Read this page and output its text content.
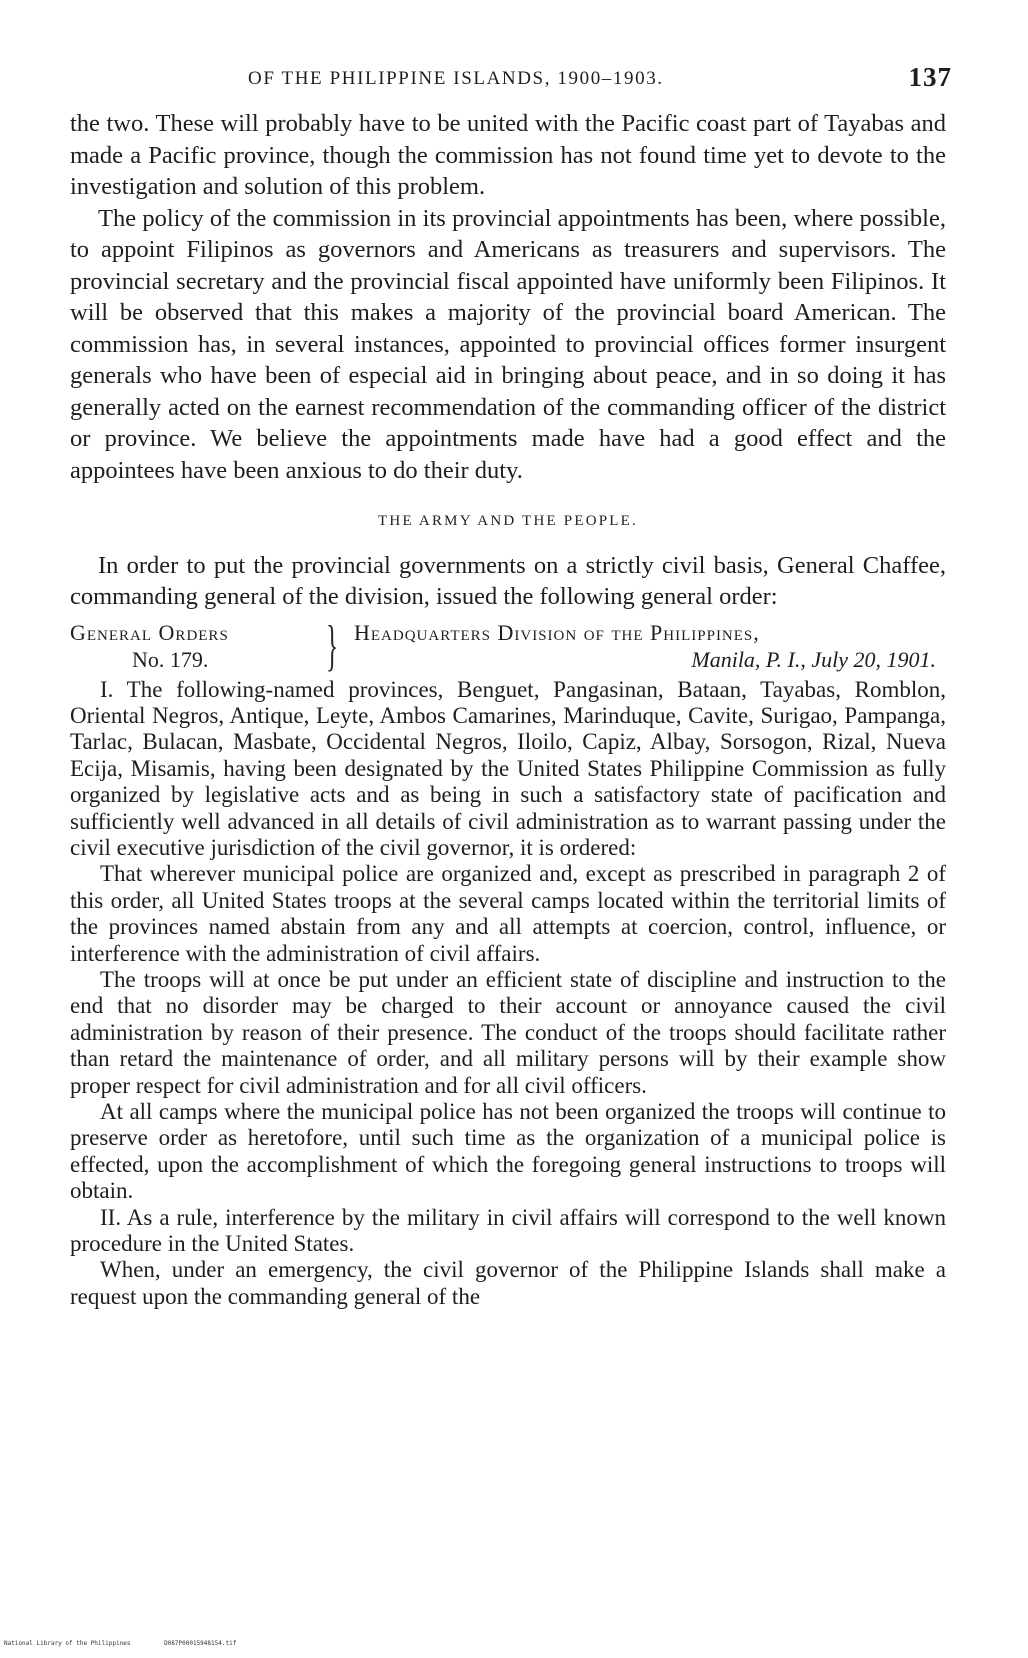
OF THE PHILIPPINE ISLANDS, 1900–1903.	137

the two. These will probably have to be united with the Pacific coast part of Tayabas and made a Pacific province, though the commission has not found time yet to devote to the investigation and solution of this problem.

The policy of the commission in its provincial appointments has been, where possible, to appoint Filipinos as governors and Americans as treasurers and supervisors. The provincial secretary and the provincial fiscal appointed have uniformly been Filipinos. It will be observed that this makes a majority of the provincial board American. The commission has, in several instances, appointed to provincial offices former insurgent generals who have been of especial aid in bringing about peace, and in so doing it has generally acted on the earnest recommendation of the commanding officer of the district or province. We believe the appointments made have had a good effect and the appointees have been anxious to do their duty.

THE ARMY AND THE PEOPLE.

In order to put the provincial governments on a strictly civil basis, General Chaffee, commanding general of the division, issued the following general order:

General Orders
No. 179.	} Headquarters Division of the Philippines,
Manila, P. I., July 20, 1901.

I. The following-named provinces, Benguet, Pangasinan, Bataan, Tayabas, Romblon, Oriental Negros, Antique, Leyte, Ambos Camarines, Marinduque, Cavite, Surigao, Pampanga, Tarlac, Bulacan, Masbate, Occidental Negros, Iloilo, Capiz, Albay, Sorsogon, Rizal, Nueva Ecija, Misamis, having been designated by the United States Philippine Commission as fully organized by legislative acts and as being in such a satisfactory state of pacification and sufficiently well advanced in all details of civil administration as to warrant passing under the civil executive jurisdiction of the civil governor, it is ordered:

That wherever municipal police are organized and, except as prescribed in paragraph 2 of this order, all United States troops at the several camps located within the territorial limits of the provinces named abstain from any and all attempts at coercion, control, influence, or interference with the administration of civil affairs.

The troops will at once be put under an efficient state of discipline and instruction to the end that no disorder may be charged to their account or annoyance caused the civil administration by reason of their presence. The conduct of the troops should facilitate rather than retard the maintenance of order, and all military persons will by their example show proper respect for civil administration and for all civil officers.

At all camps where the municipal police has not been organized the troops will continue to preserve order as heretofore, until such time as the organization of a municipal police is effected, upon the accomplishment of which the foregoing general instructions to troops will obtain.

II. As a rule, interference by the military in civil affairs will correspond to the well known procedure in the United States.

When, under an emergency, the civil governor of the Philippine Islands shall make a request upon the commanding general of the

National Library of the Philippines	D087P00015948154.tif
